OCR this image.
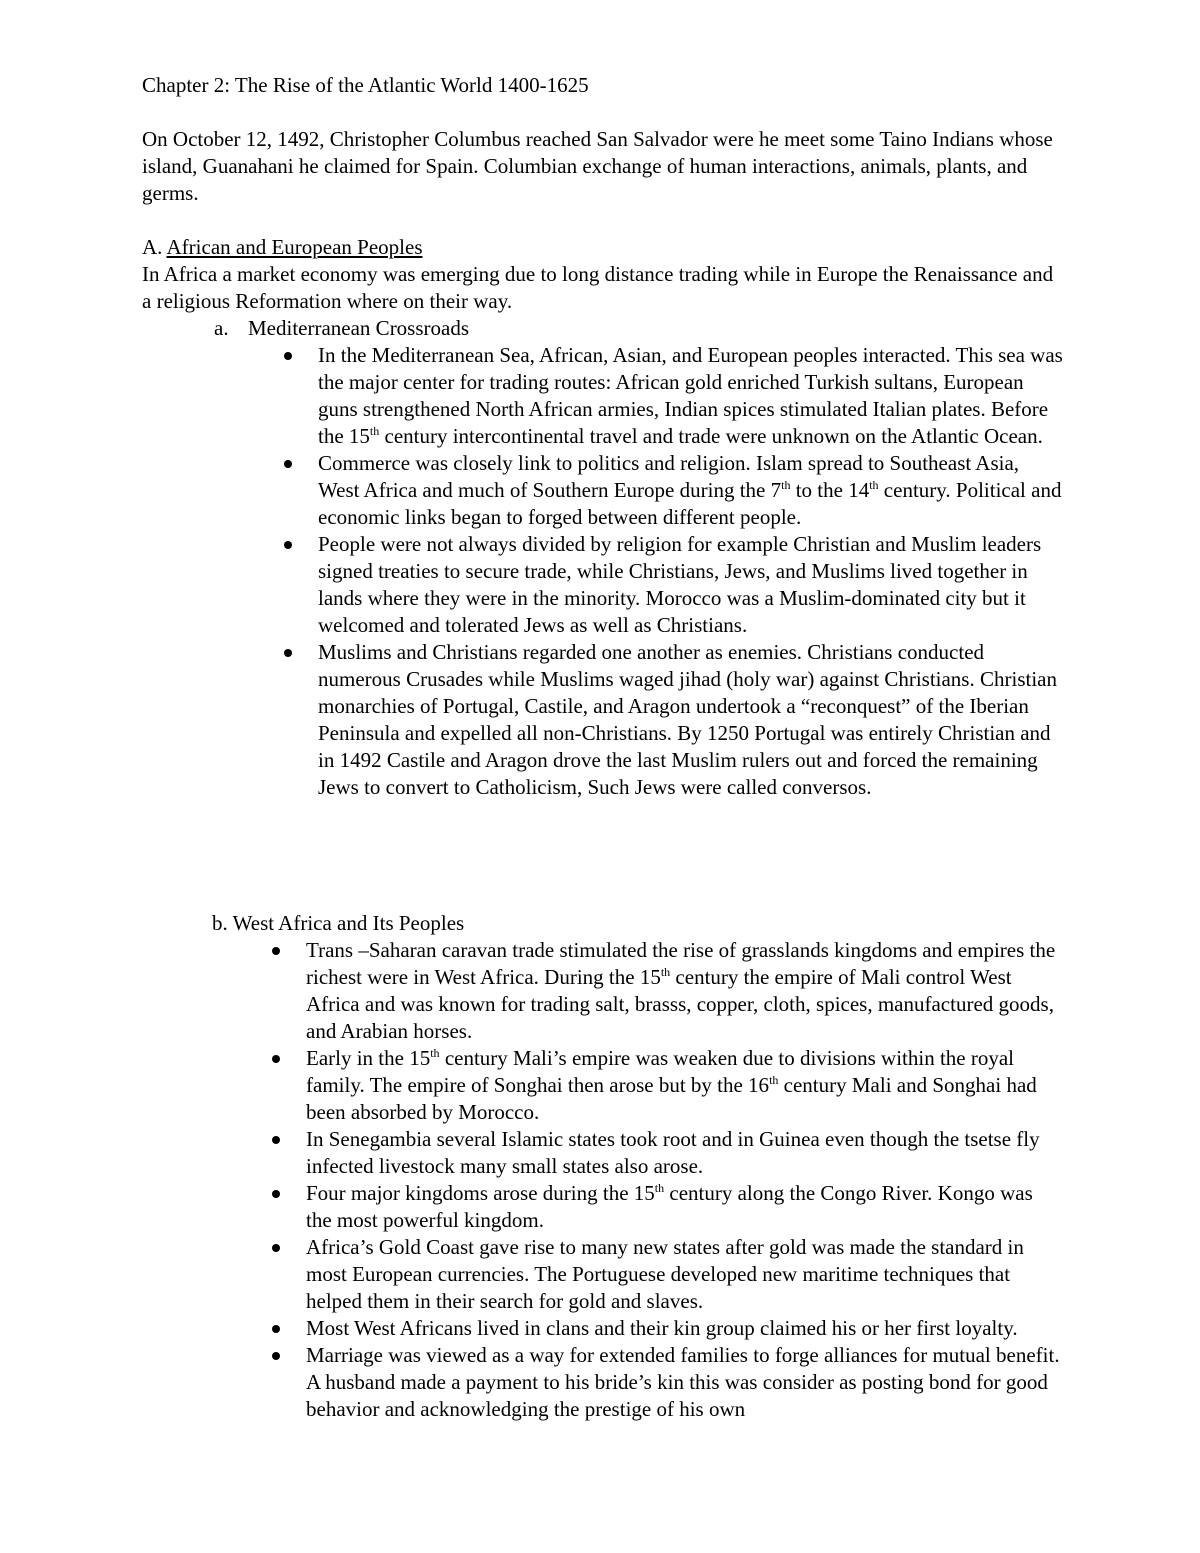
Chapter 2: The Rise of the Atlantic World 1400-1625

On October 12, 1492, Christopher Columbus reached San Salvador were he meet some Taino Indians whose island, Guanahani he claimed for Spain. Columbian exchange of human interactions, animals, plants, and germs.

A. African and European Peoples

In Africa a market economy was emerging due to long distance trading while in Europe the Renaissance and a religious Reformation where on their way.

a. Mediterranean Crossroads

In the Mediterranean Sea, African, Asian, and European peoples interacted. This sea was the major center for trading routes: African gold enriched Turkish sultans, European guns strengthened North African armies, Indian spices stimulated Italian plates. Before the 15th century intercontinental travel and trade were unknown on the Atlantic Ocean.
Commerce was closely link to politics and religion. Islam spread to Southeast Asia, West Africa and much of Southern Europe during the 7th to the 14th century. Political and economic links began to forged between different people.
People were not always divided by religion for example Christian and Muslim leaders signed treaties to secure trade, while Christians, Jews, and Muslims lived together in lands where they were in the minority. Morocco was a Muslim-dominated city but it welcomed and tolerated Jews as well as Christians.
Muslims and Christians regarded one another as enemies. Christians conducted numerous Crusades while Muslims waged jihad (holy war) against Christians. Christian monarchies of Portugal, Castile, and Aragon undertook a “reconquest” of the Iberian Peninsula and expelled all non-Christians. By 1250 Portugal was entirely Christian and in 1492 Castile and Aragon drove the last Muslim rulers out and forced the remaining Jews to convert to Catholicism, Such Jews were called conversos.

b. West Africa and Its Peoples

Trans –Saharan caravan trade stimulated the rise of grasslands kingdoms and empires the richest were in West Africa. During the 15th century the empire of Mali control West Africa and was known for trading salt, brasss, copper, cloth, spices, manufactured goods, and Arabian horses.
Early in the 15th century Mali’s empire was weaken due to divisions within the royal family. The empire of Songhai then arose but by the 16th century Mali and Songhai had been absorbed by Morocco.
In Senegambia several Islamic states took root and in Guinea even though the tsetse fly infected livestock many small states also arose.
Four major kingdoms arose during the 15th century along the Congo River. Kongo was the most powerful kingdom.
Africa’s Gold Coast gave rise to many new states after gold was made the standard in most European currencies. The Portuguese developed new maritime techniques that helped them in their search for gold and slaves.
Most West Africans lived in clans and their kin group claimed his or her first loyalty.
Marriage was viewed as a way for extended families to forge alliances for mutual benefit. A husband made a payment to his bride’s kin this was consider as posting bond for good behavior and acknowledging the prestige of his own
